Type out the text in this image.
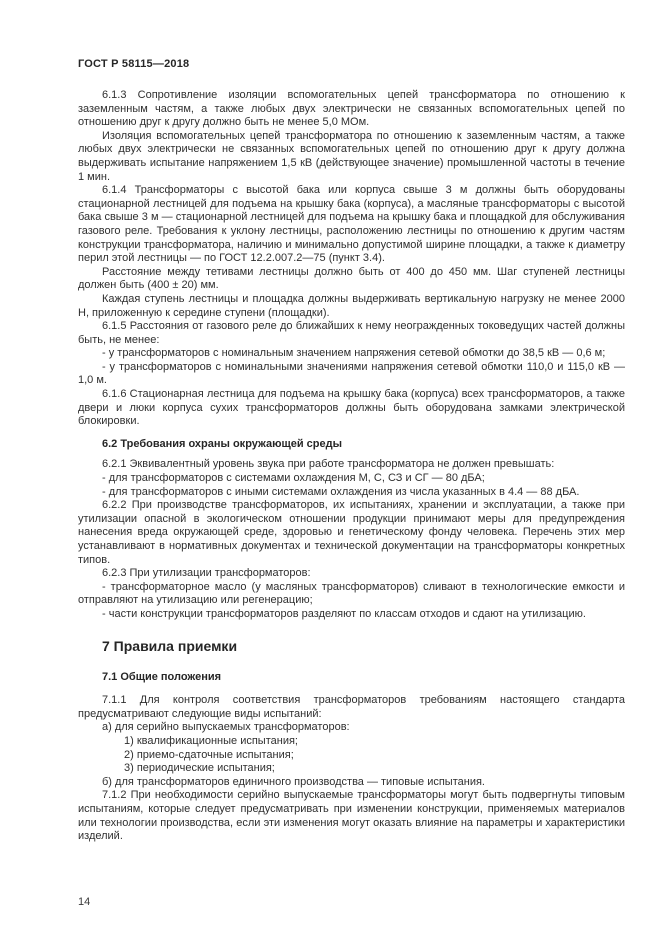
ГОСТ Р 58115—2018

6.1.3 Сопротивление изоляции вспомогательных цепей трансформатора по отношению к заземленным частям, а также любых двух электрически не связанных вспомогательных цепей по отношению друг к другу должно быть не менее 5,0 МОм.

Изоляция вспомогательных цепей трансформатора по отношению к заземленным частям, а также любых двух электрически не связанных вспомогательных цепей по отношению друг к другу должна выдерживать испытание напряжением 1,5 кВ (действующее значение) промышленной частоты в течение 1 мин.

6.1.4 Трансформаторы с высотой бака или корпуса свыше 3 м должны быть оборудованы стационарной лестницей для подъема на крышку бака (корпуса), а масляные трансформаторы с высотой бака свыше 3 м — стационарной лестницей для подъема на крышку бака и площадкой для обслуживания газового реле. Требования к уклону лестницы, расположению лестницы по отношению к другим частям конструкции трансформатора, наличию и минимально допустимой ширине площадки, а также к диаметру перил этой лестницы — по ГОСТ 12.2.007.2—75 (пункт 3.4).

Расстояние между тетивами лестницы должно быть от 400 до 450 мм. Шаг ступеней лестницы должен быть (400 ± 20) мм.

Каждая ступень лестницы и площадка должны выдерживать вертикальную нагрузку не менее 2000 Н, приложенную к середине ступени (площадки).

6.1.5 Расстояния от газового реле до ближайших к нему неогражденных токоведущих частей должны быть, не менее:

- у трансформаторов с номинальным значением напряжения сетевой обмотки до 38,5 кВ — 0,6 м;

- у трансформаторов с номинальными значениями напряжения сетевой обмотки 110,0 и 115,0 кВ — 1,0 м.

6.1.6 Стационарная лестница для подъема на крышку бака (корпуса) всех трансформаторов, а также двери и люки корпуса сухих трансформаторов должны быть оборудована замками электрической блокировки.

6.2 Требования охраны окружающей среды

6.2.1 Эквивалентный уровень звука при работе трансформатора не должен превышать:

- для трансформаторов с системами охлаждения М, С, СЗ и СГ — 80 дБА;

- для трансформаторов с иными системами охлаждения из числа указанных в 4.4 — 88 дБА.

6.2.2 При производстве трансформаторов, их испытаниях, хранении и эксплуатации, а также при утилизации опасной в экологическом отношении продукции принимают меры для предупреждения нанесения вреда окружающей среде, здоровью и генетическому фонду человека. Перечень этих мер устанавливают в нормативных документах и технической документации на трансформаторы конкретных типов.

6.2.3 При утилизации трансформаторов:

- трансформаторное масло (у масляных трансформаторов) сливают в технологические емкости и отправляют на утилизацию или регенерацию;

- части конструкции трансформаторов разделяют по классам отходов и сдают на утилизацию.

7 Правила приемки
7.1 Общие положения

7.1.1 Для контроля соответствия трансформаторов требованиям настоящего стандарта предусматривают следующие виды испытаний:

а) для серийно выпускаемых трансформаторов:

1) квалификационные испытания;

2) приемо-сдаточные испытания;

3) периодические испытания;

б) для трансформаторов единичного производства — типовые испытания.

7.1.2 При необходимости серийно выпускаемые трансформаторы могут быть подвергнуты типовым испытаниям, которые следует предусматривать при изменении конструкции, применяемых материалов или технологии производства, если эти изменения могут оказать влияние на параметры и характеристики изделий.

14
